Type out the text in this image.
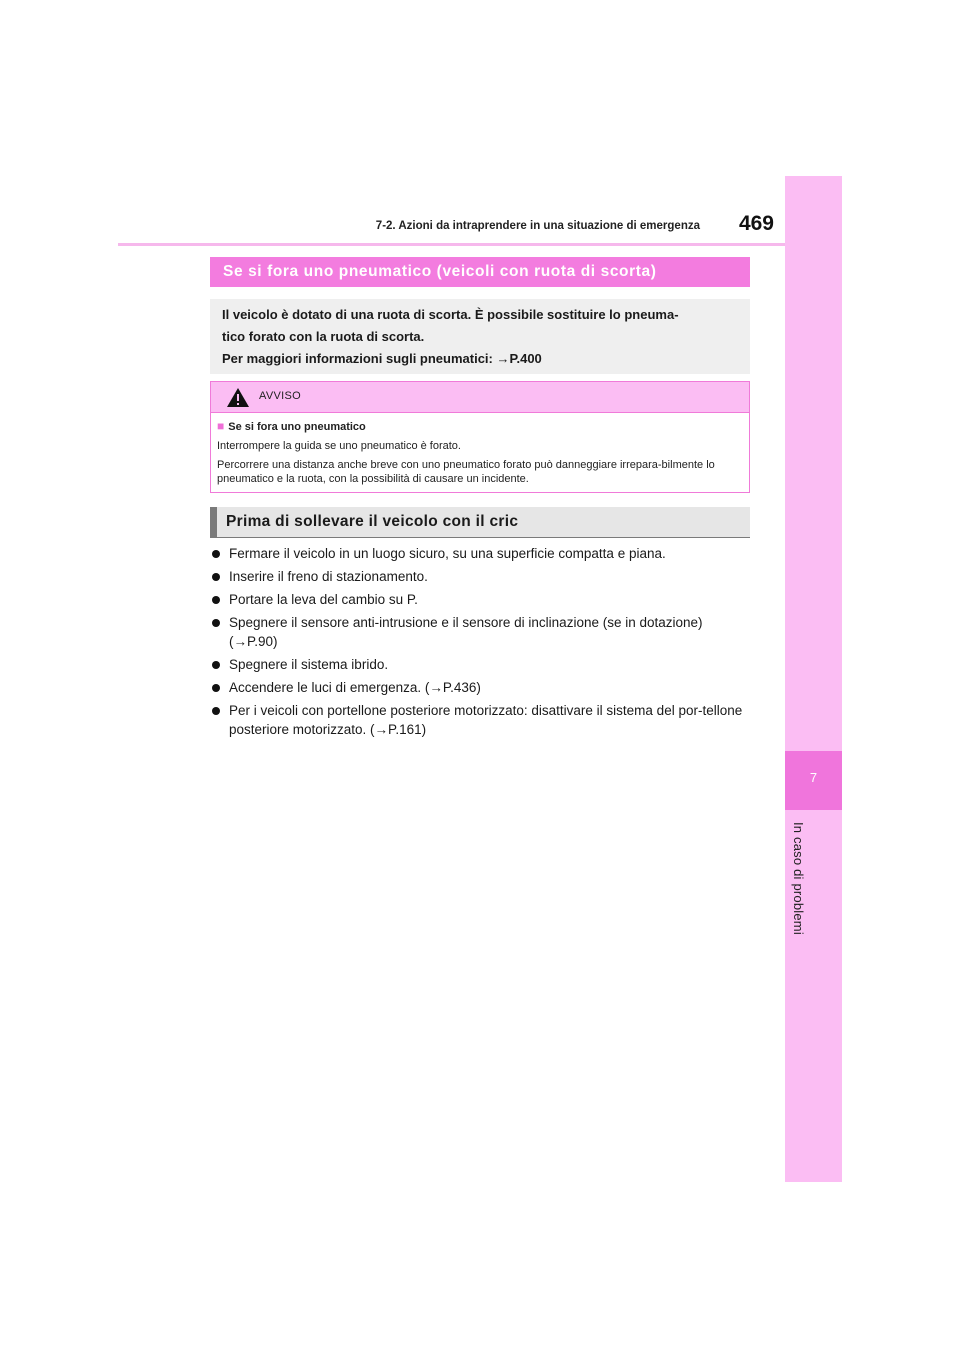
7
In caso di problemi
7-2. Azioni da intraprendere in una situazione di emergenza	469
Se si fora uno pneumatico (veicoli con ruota di scorta)
Il veicolo è dotato di una ruota di scorta. È possibile sostituire lo pneuma-
tico forato con la ruota di scorta.
Per maggiori informazioni sugli pneumatici: →P.400
AVVISO
■ Se si fora uno pneumatico

Interrompere la guida se uno pneumatico è forato.

Percorrere una distanza anche breve con uno pneumatico forato può danneggiare irrepara-bilmente lo pneumatico e la ruota, con la possibilità di causare un incidente.

Prima di sollevare il veicolo con il cric
Fermare il veicolo in un luogo sicuro, su una superficie compatta e piana.
Inserire il freno di stazionamento.
Portare la leva del cambio su P.
Spegnere il sensore anti-intrusione e il sensore di inclinazione (se in dotazione) (→P.90)
Spegnere il sistema ibrido.
Accendere le luci di emergenza. (→P.436)
Per i veicoli con portellone posteriore motorizzato: disattivare il sistema del por-tellone posteriore motorizzato. (→P.161)
